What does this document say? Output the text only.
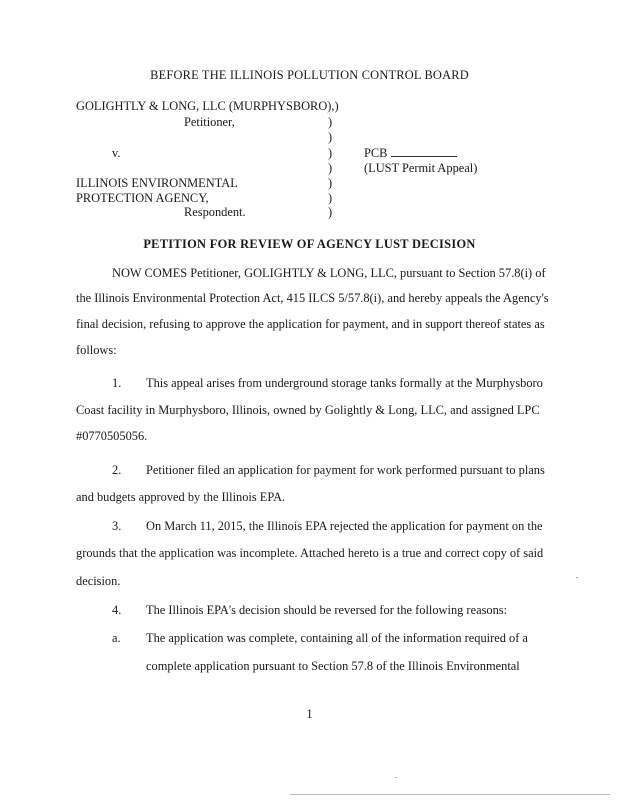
BEFORE THE ILLINOIS POLLUTION CONTROL BOARD
GOLIGHTLY & LONG, LLC (MURPHYSBORO),)
Petitioner,	)
)
v.	)	PCB
)	(LUST Permit Appeal)
ILLINOIS ENVIRONMENTAL	)
PROTECTION AGENCY,	)
Respondent.	)
PETITION FOR REVIEW OF AGENCY LUST DECISION
NOW COMES Petitioner, GOLIGHTLY & LONG, LLC, pursuant to Section 57.8(i) of
the Illinois Environmental Protection Act, 415 ILCS 5/57.8(i), and hereby appeals the Agency's
final decision, refusing to approve the application for payment, and in support thereof states as
follows:
1. This appeal arises from underground storage tanks formally at the Murphysboro
Coast facility in Murphysboro, Illinois, owned by Golightly & Long, LLC, and assigned LPC
#0770505056.
2. Petitioner filed an application for payment for work performed pursuant to plans
and budgets approved by the Illinois EPA.
3. On March 11, 2015, the Illinois EPA rejected the application for payment on the
grounds that the application was incomplete. Attached hereto is a true and correct copy of said
decision.
4. The Illinois EPA's decision should be reversed for the following reasons:
a. The application was complete, containing all of the information required of a
complete application pursuant to Section 57.8 of the Illinois Environmental
1
